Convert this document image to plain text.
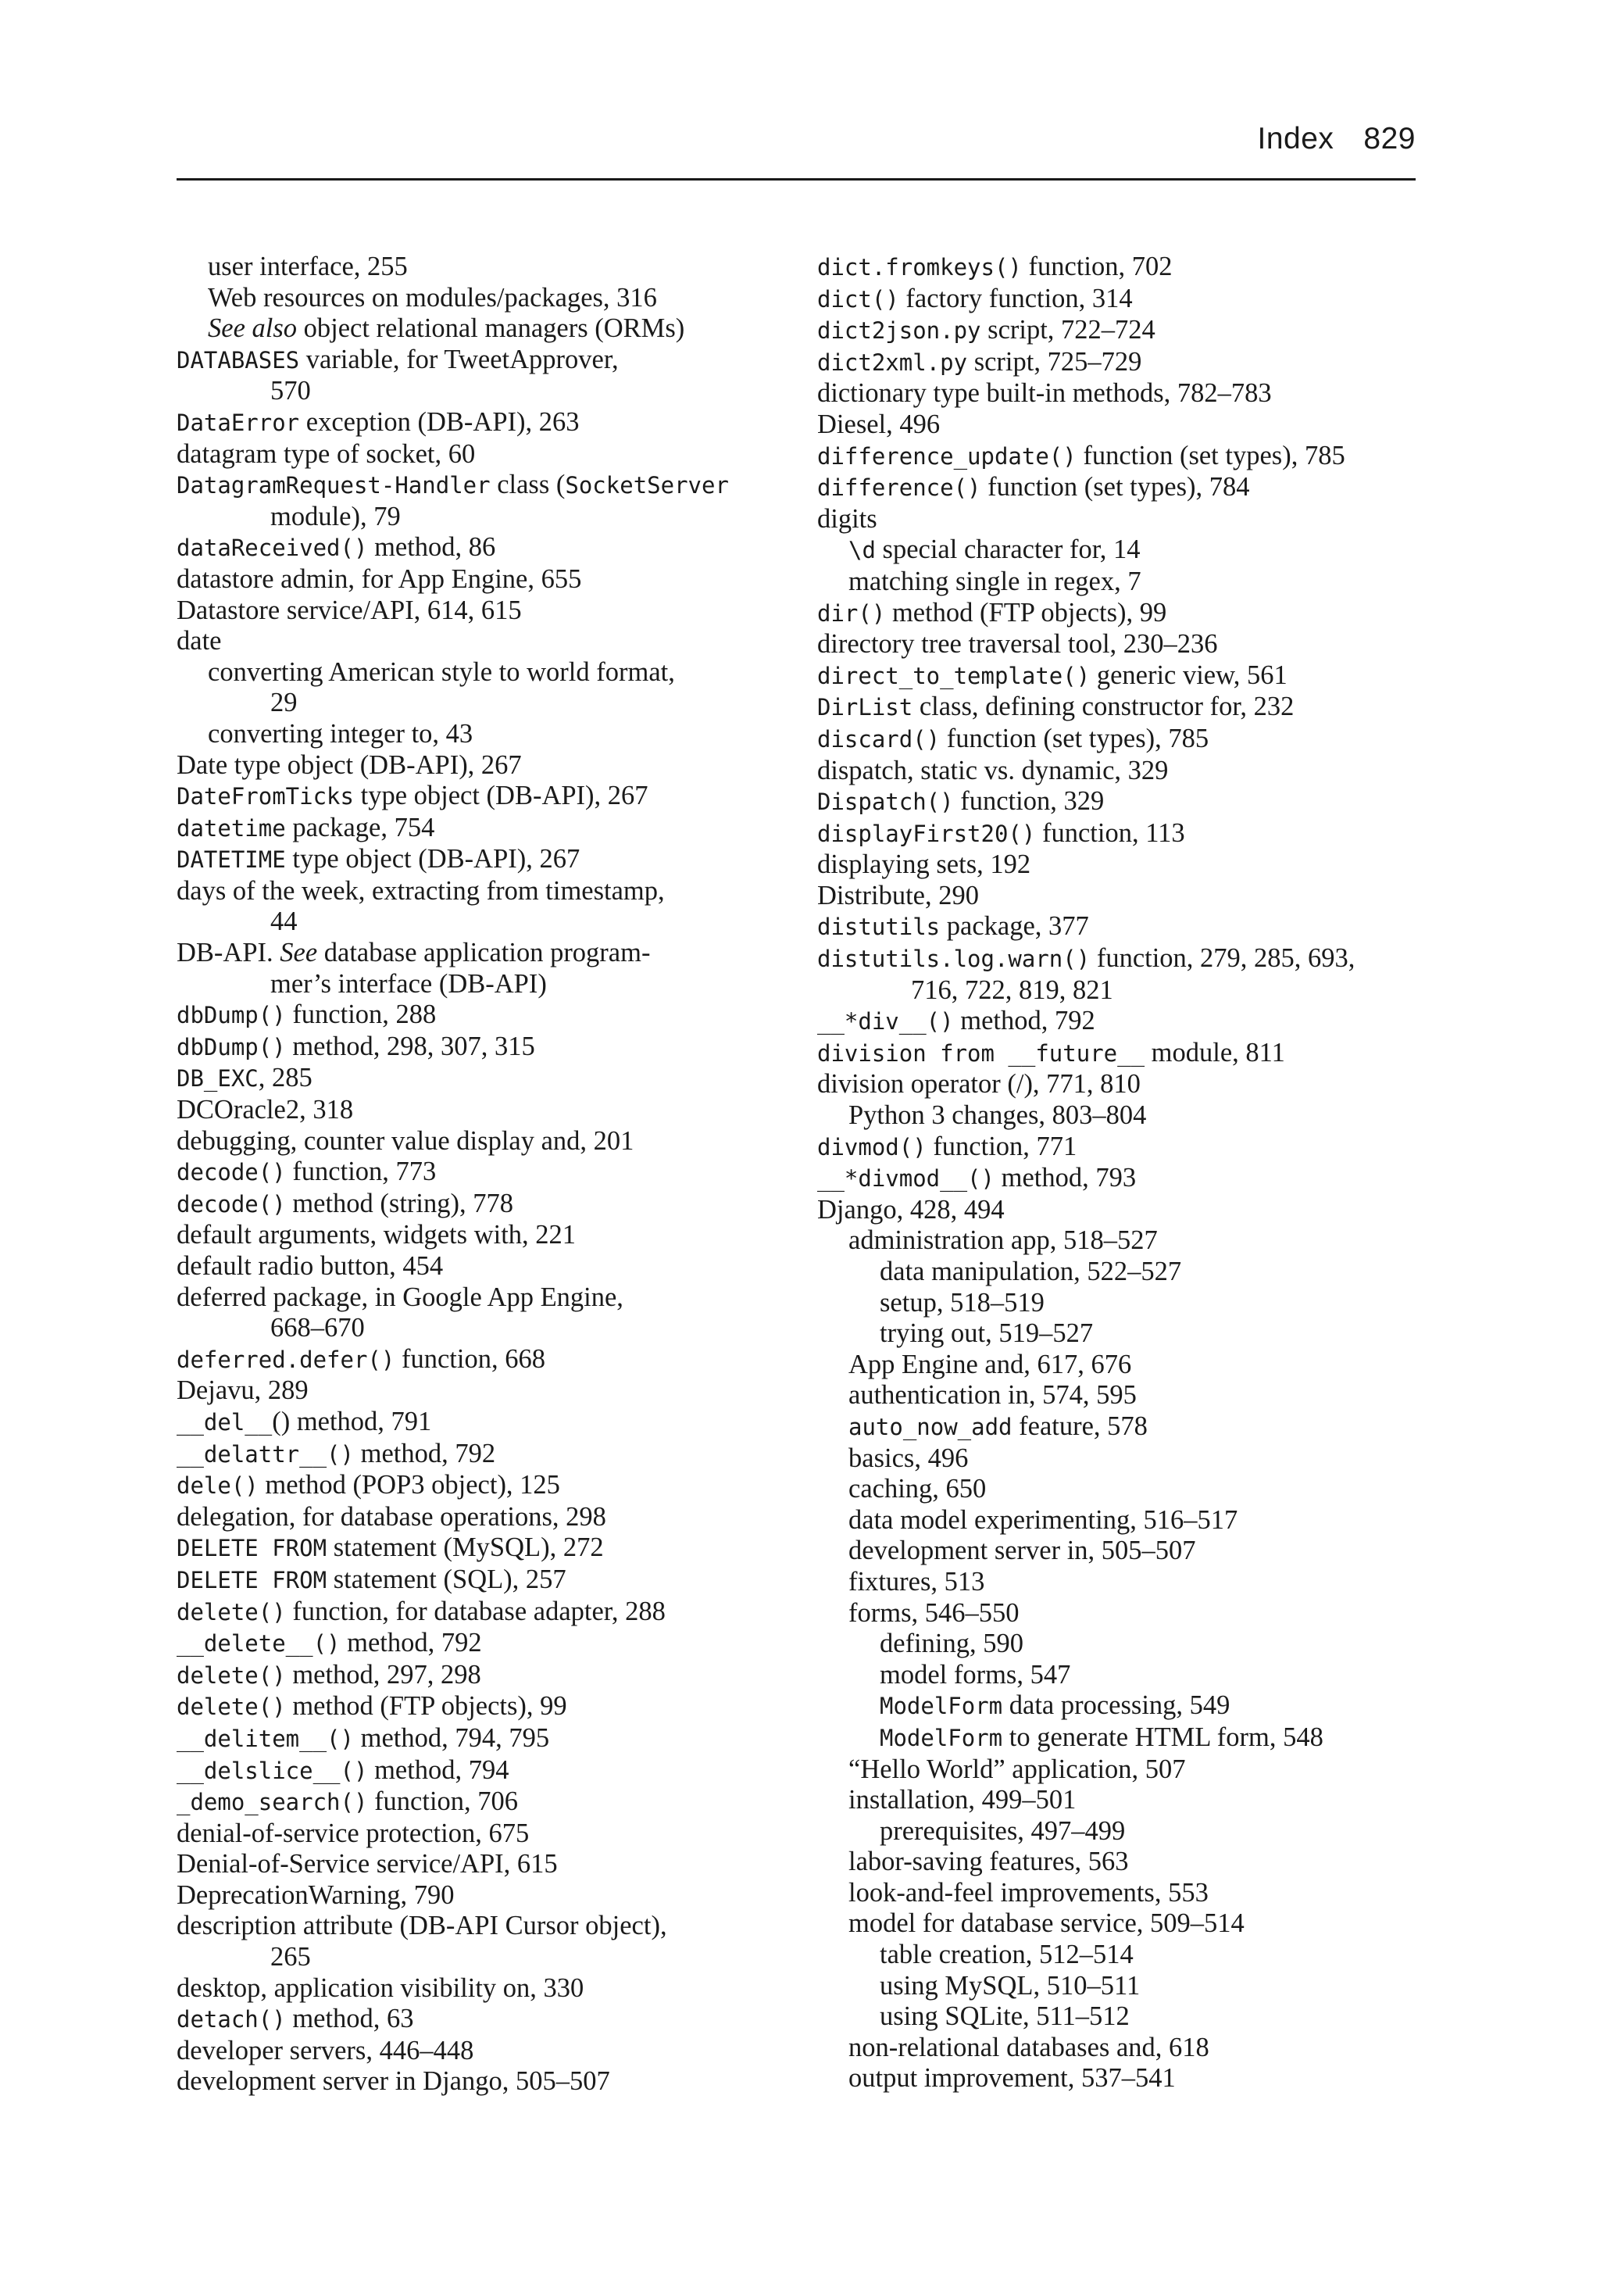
Index 829
user interface, 255
Web resources on modules/packages, 316
See also object relational managers (ORMs)
DATABASES variable, for TweetApprover,
570
DataError exception (DB-API), 263
datagram type of socket, 60
DatagramRequest-Handler class (SocketServer
module), 79
dataReceived() method, 86
datastore admin, for App Engine, 655
Datastore service/API, 614, 615
date
converting American style to world format,
29
converting integer to, 43
Date type object (DB-API), 267
DateFromTicks type object (DB-API), 267
datetime package, 754
DATETIME type object (DB-API), 267
days of the week, extracting from timestamp,
44
DB-API. See database application program-
mer’s interface (DB-API)
dbDump() function, 288
dbDump() method, 298, 307, 315
DB_EXC, 285
DCOracle2, 318
debugging, counter value display and, 201
decode() function, 773
decode() method (string), 778
default arguments, widgets with, 221
default radio button, 454
deferred package, in Google App Engine,
668–670
deferred.defer() function, 668
Dejavu, 289
__del__() method, 791
__delattr__() method, 792
dele() method (POP3 object), 125
delegation, for database operations, 298
DELETE FROM statement (MySQL), 272
DELETE FROM statement (SQL), 257
delete() function, for database adapter, 288
__delete__() method, 792
delete() method, 297, 298
delete() method (FTP objects), 99
__delitem__() method, 794, 795
__delslice__() method, 794
_demo_search() function, 706
denial-of-service protection, 675
Denial-of-Service service/API, 615
DeprecationWarning, 790
description attribute (DB-API Cursor object),
265
desktop, application visibility on, 330
detach() method, 63
developer servers, 446–448
development server in Django, 505–507
dict.fromkeys() function, 702
dict() factory function, 314
dict2json.py script, 722–724
dict2xml.py script, 725–729
dictionary type built-in methods, 782–783
Diesel, 496
difference_update() function (set types), 785
difference() function (set types), 784
digits
\d special character for, 14
matching single in regex, 7
dir() method (FTP objects), 99
directory tree traversal tool, 230–236
direct_to_template() generic view, 561
DirList class, defining constructor for, 232
discard() function (set types), 785
dispatch, static vs. dynamic, 329
Dispatch() function, 329
displayFirst20() function, 113
displaying sets, 192
Distribute, 290
distutils package, 377
distutils.log.warn() function, 279, 285, 693,
716, 722, 819, 821
__*div__() method, 792
division from __future__ module, 811
division operator (/), 771, 810
Python 3 changes, 803–804
divmod() function, 771
__*divmod__() method, 793
Django, 428, 494
administration app, 518–527
data manipulation, 522–527
setup, 518–519
trying out, 519–527
App Engine and, 617, 676
authentication in, 574, 595
auto_now_add feature, 578
basics, 496
caching, 650
data model experimenting, 516–517
development server in, 505–507
fixtures, 513
forms, 546–550
defining, 590
model forms, 547
ModelForm data processing, 549
ModelForm to generate HTML form, 548
“Hello World” application, 507
installation, 499–501
prerequisites, 497–499
labor-saving features, 563
look-and-feel improvements, 553
model for database service, 509–514
table creation, 512–514
using MySQL, 510–511
using SQLite, 511–512
non-relational databases and, 618
output improvement, 537–541
